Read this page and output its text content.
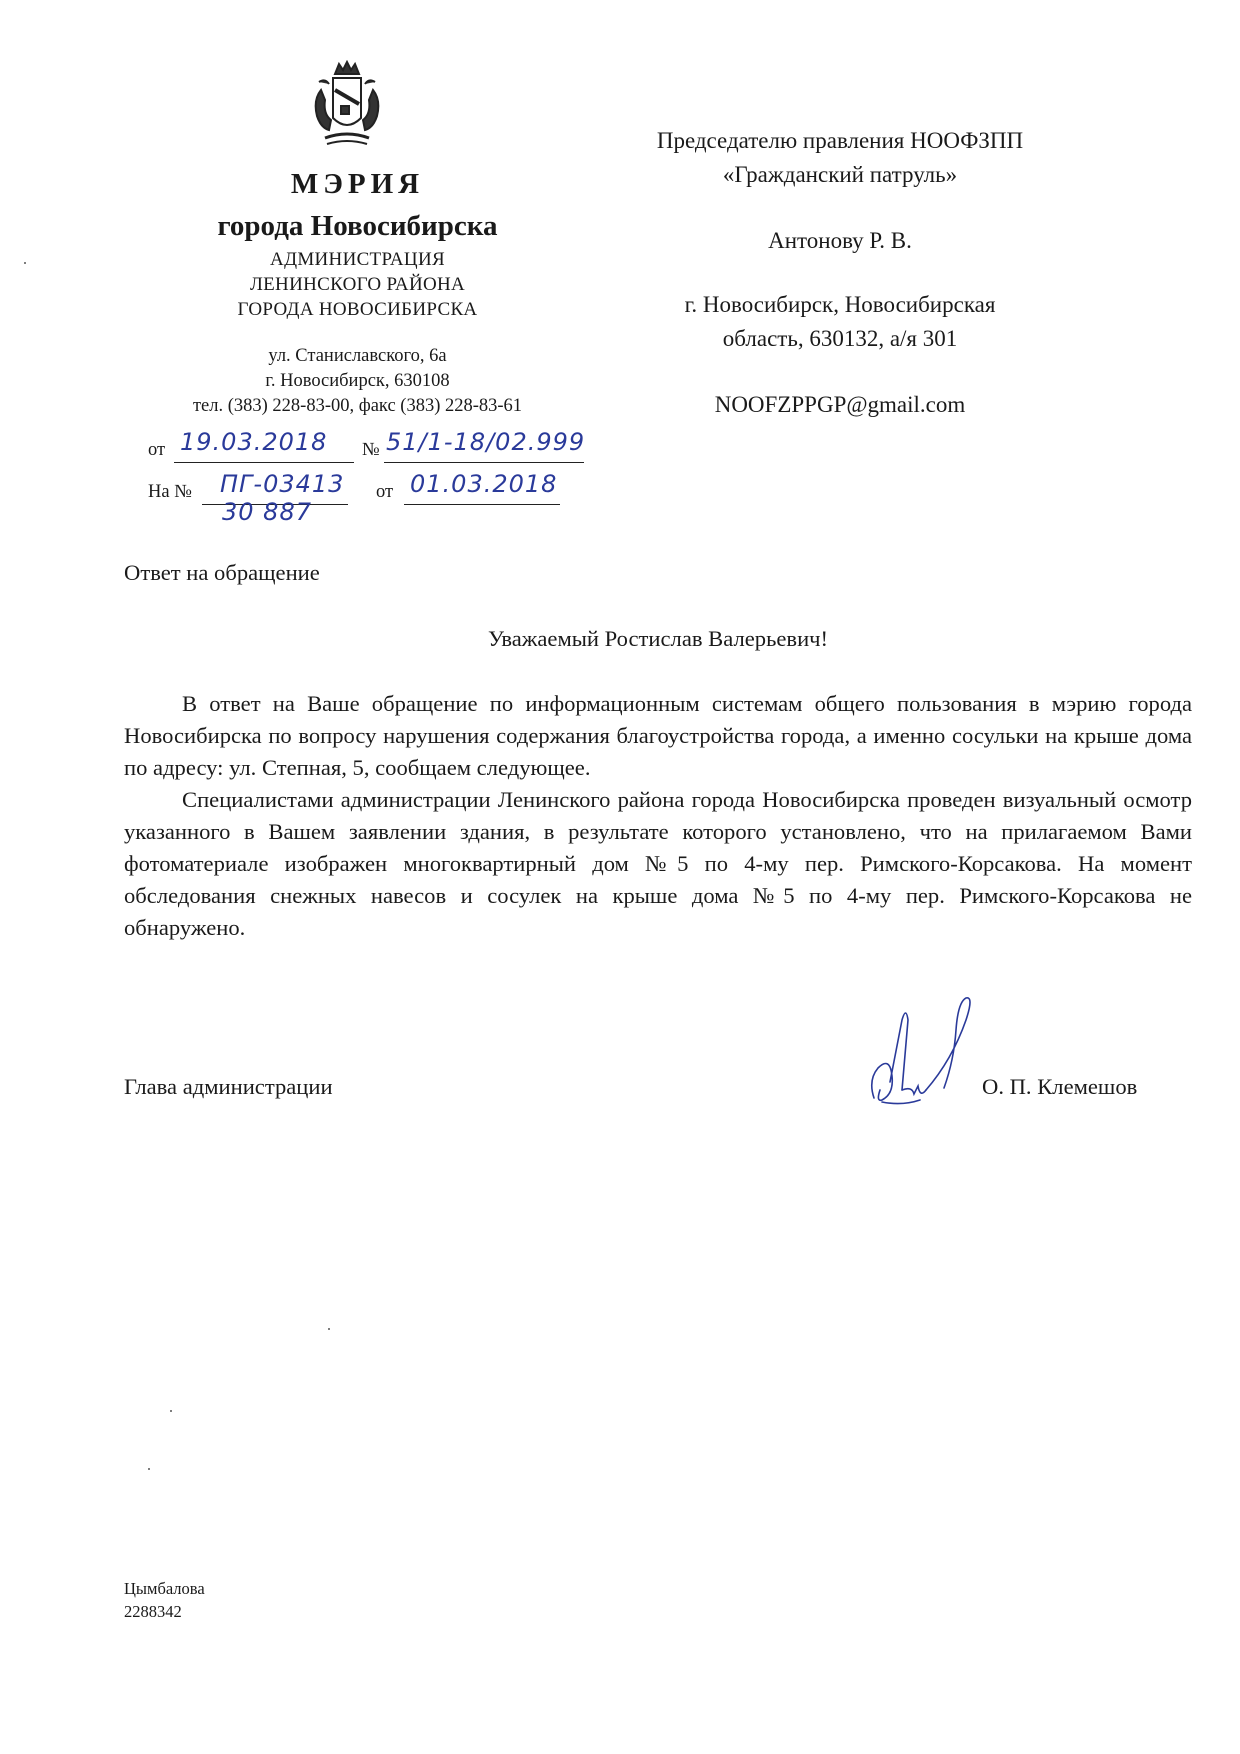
МЭРИЯ
города Новосибирска
АДМИНИСТРАЦИЯ
ЛЕНИНСКОГО РАЙОНА
ГОРОДА НОВОСИБИРСКА
ул. Станиславского, 6а
г. Новосибирск, 630108
тел. (383) 228-83-00, факс (383) 228-83-61
от 19.03.2018 № 51/1-18/02.999
На № ПГ-03413
30 887
от 01.03.2018
Председателю правления НООФЗПП
«Гражданский патруль»
Антонову Р. В.
г. Новосибирск, Новосибирская
область, 630132, а/я 301
NOOFZPPGP@gmail.com
Ответ на обращение
Уважаемый Ростислав Валерьевич!

В ответ на Ваше обращение по информационным системам общего пользования в мэрию города Новосибирска по вопросу нарушения содержания благоустройства города, а именно сосульки на крыше дома по адресу: ул. Степная, 5, сообщаем следующее.

Специалистами администрации Ленинского района города Новосибирска проведен визуальный осмотр указанного в Вашем заявлении здания, в результате которого установлено, что на прилагаемом Вами фотоматериале изображен многоквартирный дом №5 по 4-му пер. Римского-Корсакова. На момент обследования снежных навесов и сосулек на крыше дома №5 по 4-му пер. Римского-Корсакова не обнаружено.

Глава администрации	О. П. Клемешов
Цымбалова
2288342
